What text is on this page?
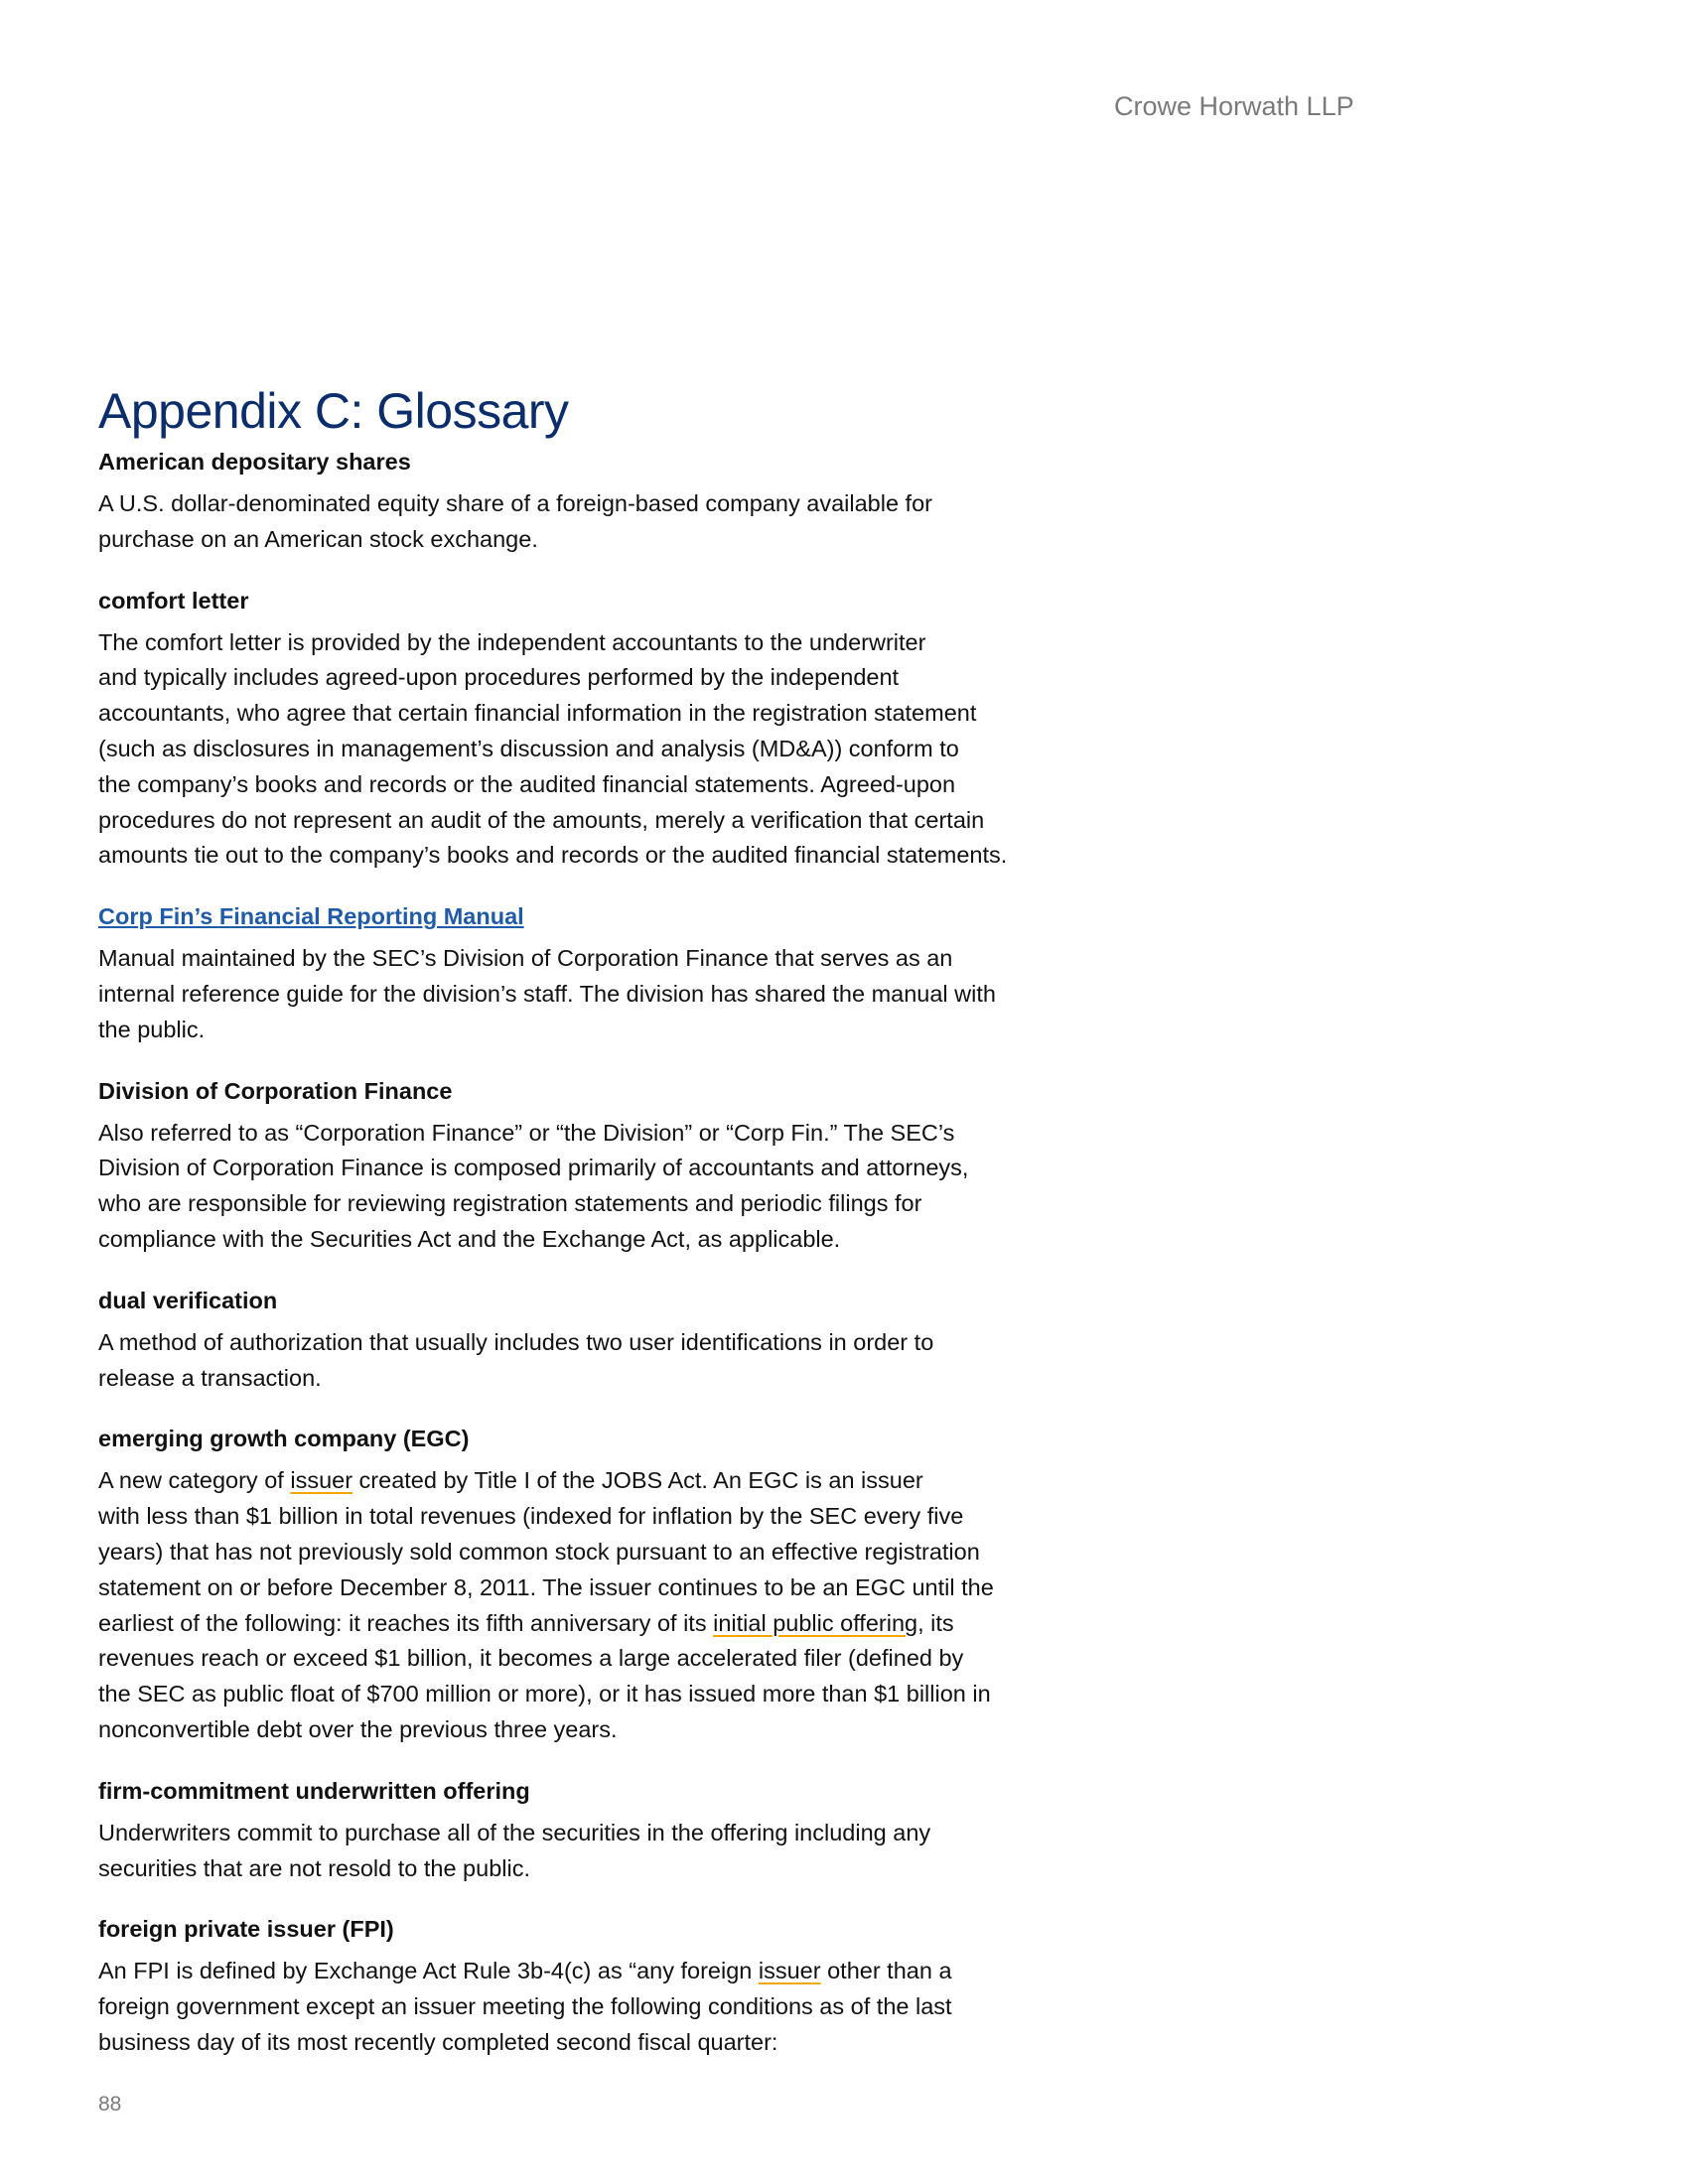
Crowe Horwath LLP
Appendix C: Glossary
American depositary shares
A U.S. dollar-denominated equity share of a foreign-based company available for
purchase on an American stock exchange.
comfort letter
The comfort letter is provided by the independent accountants to the underwriter
and typically includes agreed-upon procedures performed by the independent
accountants, who agree that certain financial information in the registration statement
(such as disclosures in management’s discussion and analysis (MD&A)) conform to
the company’s books and records or the audited financial statements. Agreed-upon
procedures do not represent an audit of the amounts, merely a verification that certain
amounts tie out to the company’s books and records or the audited financial statements.
Corp Fin’s Financial Reporting Manual
Manual maintained by the SEC’s Division of Corporation Finance that serves as an
internal reference guide for the division’s staff. The division has shared the manual with
the public.
Division of Corporation Finance
Also referred to as “Corporation Finance” or “the Division” or “Corp Fin.” The SEC’s
Division of Corporation Finance is composed primarily of accountants and attorneys,
who are responsible for reviewing registration statements and periodic filings for
compliance with the Securities Act and the Exchange Act, as applicable.
dual verification
A method of authorization that usually includes two user identifications in order to
release a transaction.
emerging growth company (EGC)
A new category of issuer created by Title I of the JOBS Act. An EGC is an issuer
with less than $1 billion in total revenues (indexed for inflation by the SEC every five
years) that has not previously sold common stock pursuant to an effective registration
statement on or before December 8, 2011. The issuer continues to be an EGC until the
earliest of the following: it reaches its fifth anniversary of its initial public offering, its
revenues reach or exceed $1 billion, it becomes a large accelerated filer (defined by
the SEC as public float of $700 million or more), or it has issued more than $1 billion in
nonconvertible debt over the previous three years.
firm-commitment underwritten offering
Underwriters commit to purchase all of the securities in the offering including any
securities that are not resold to the public.
foreign private issuer (FPI)
An FPI is defined by Exchange Act Rule 3b-4(c) as “any foreign issuer other than a
foreign government except an issuer meeting the following conditions as of the last
business day of its most recently completed second fiscal quarter:
88
